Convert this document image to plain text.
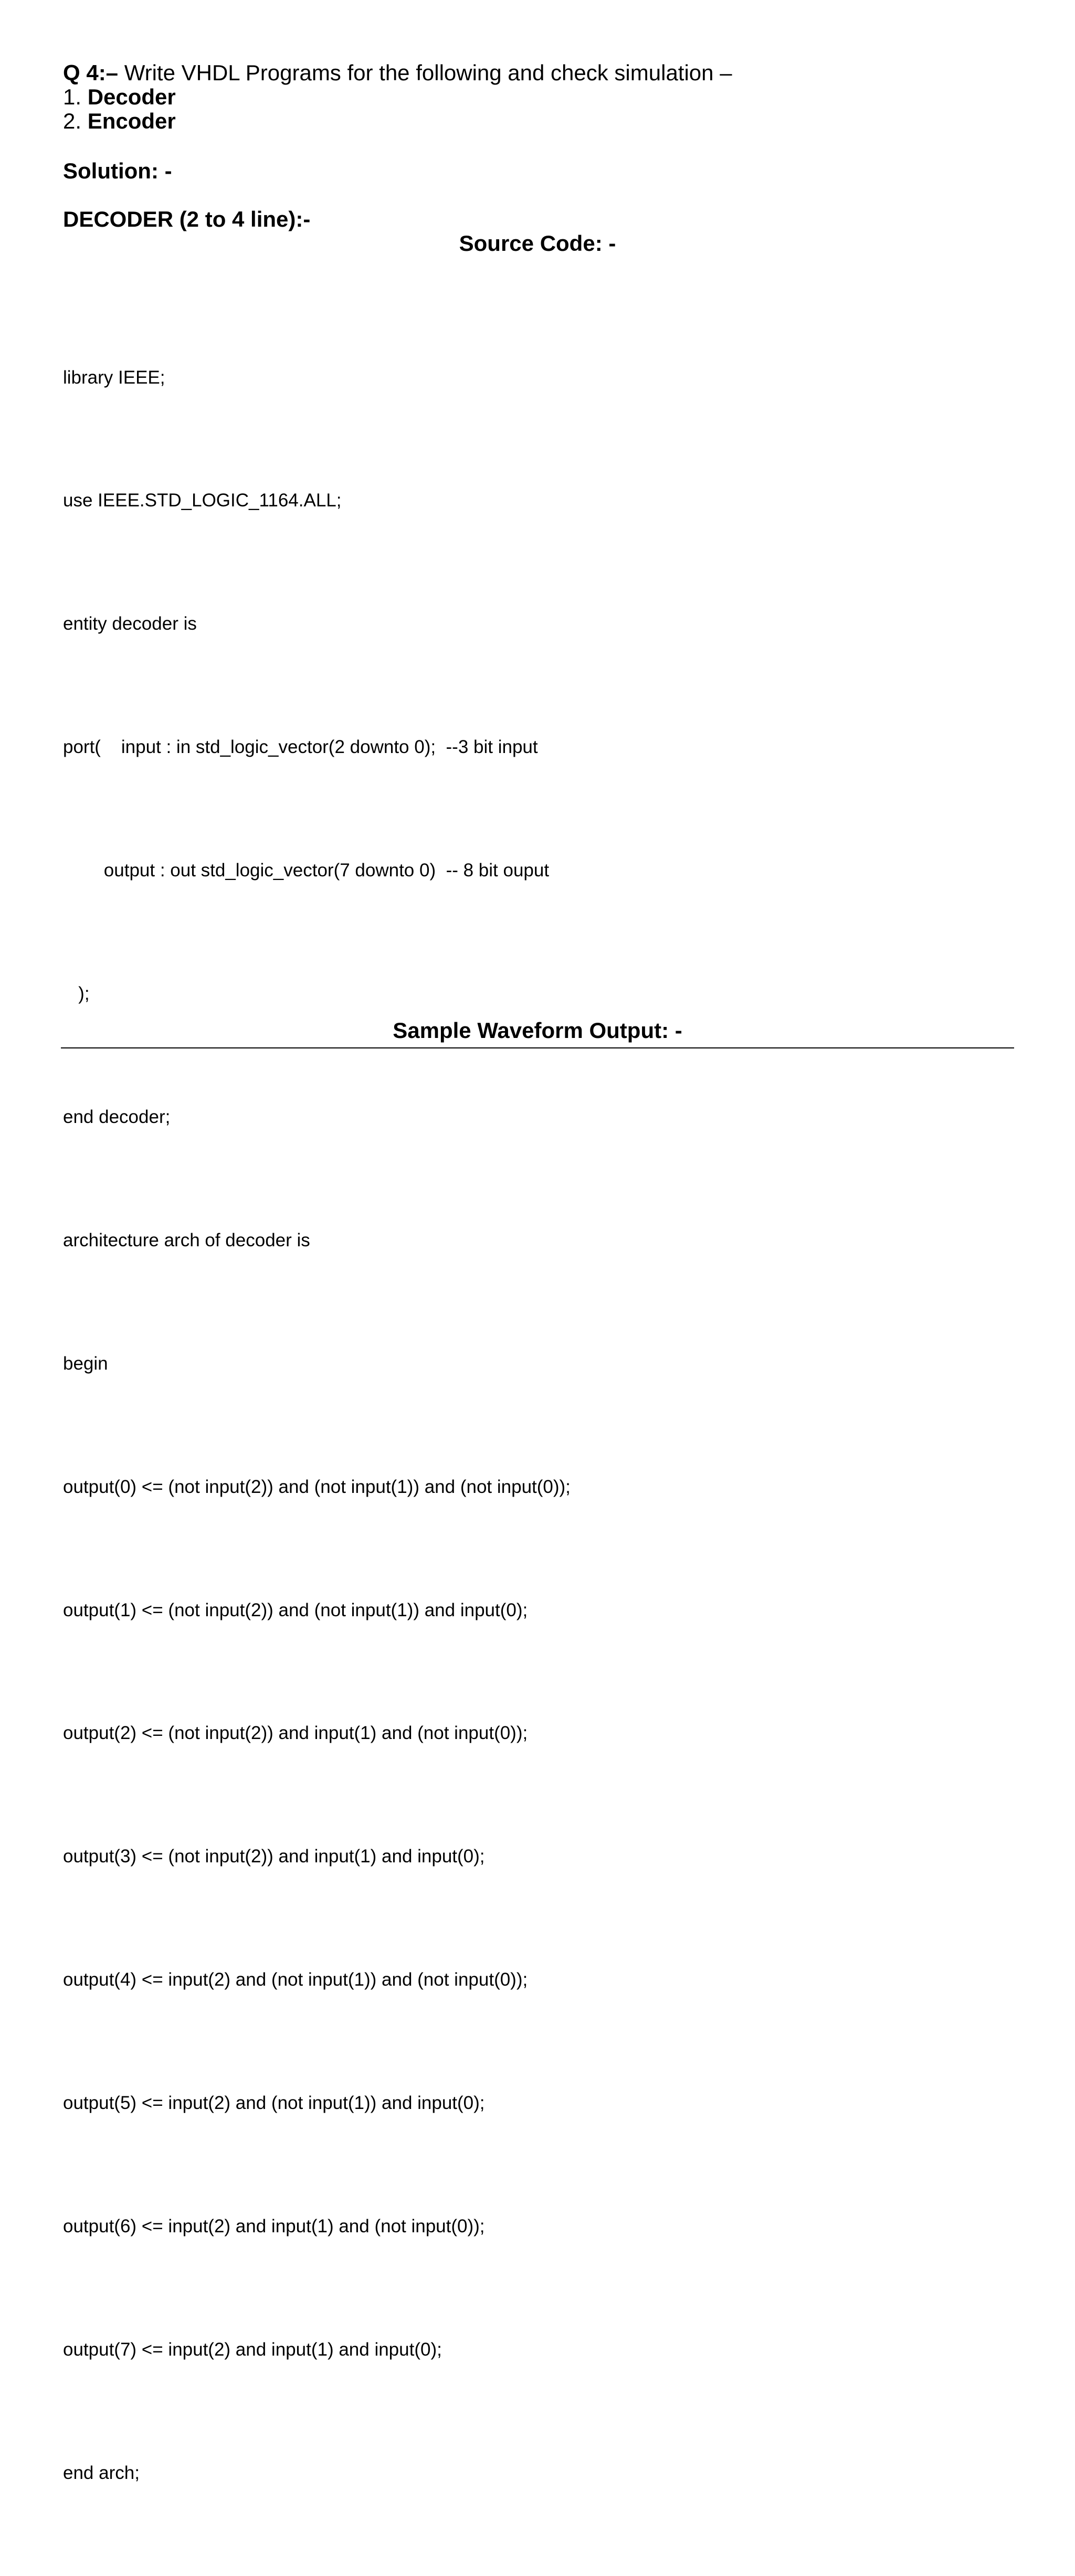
Q 4:– Write VHDL Programs for the following and check simulation –
1. Decoder
2. Encoder
Solution: -
DECODER (2 to 4 line):-
Source Code: -

library IEEE;

use IEEE.STD_LOGIC_1164.ALL;

entity decoder is

port(    input : in std_logic_vector(2 downto 0);  --3 bit input

output : out std_logic_vector(7 downto 0)  -- 8 bit ouput

);

end decoder;

architecture arch of decoder is

begin

output(0) <= (not input(2)) and (not input(1)) and (not input(0));

output(1) <= (not input(2)) and (not input(1)) and input(0);

output(2) <= (not input(2)) and input(1) and (not input(0));

output(3) <= (not input(2)) and input(1) and input(0);

output(4) <= input(2) and (not input(1)) and (not input(0));

output(5) <= input(2) and (not input(1)) and input(0);

output(6) <= input(2) and input(1) and (not input(0));

output(7) <= input(2) and input(1) and input(0);

end arch;

Sample Waveform Output: -
